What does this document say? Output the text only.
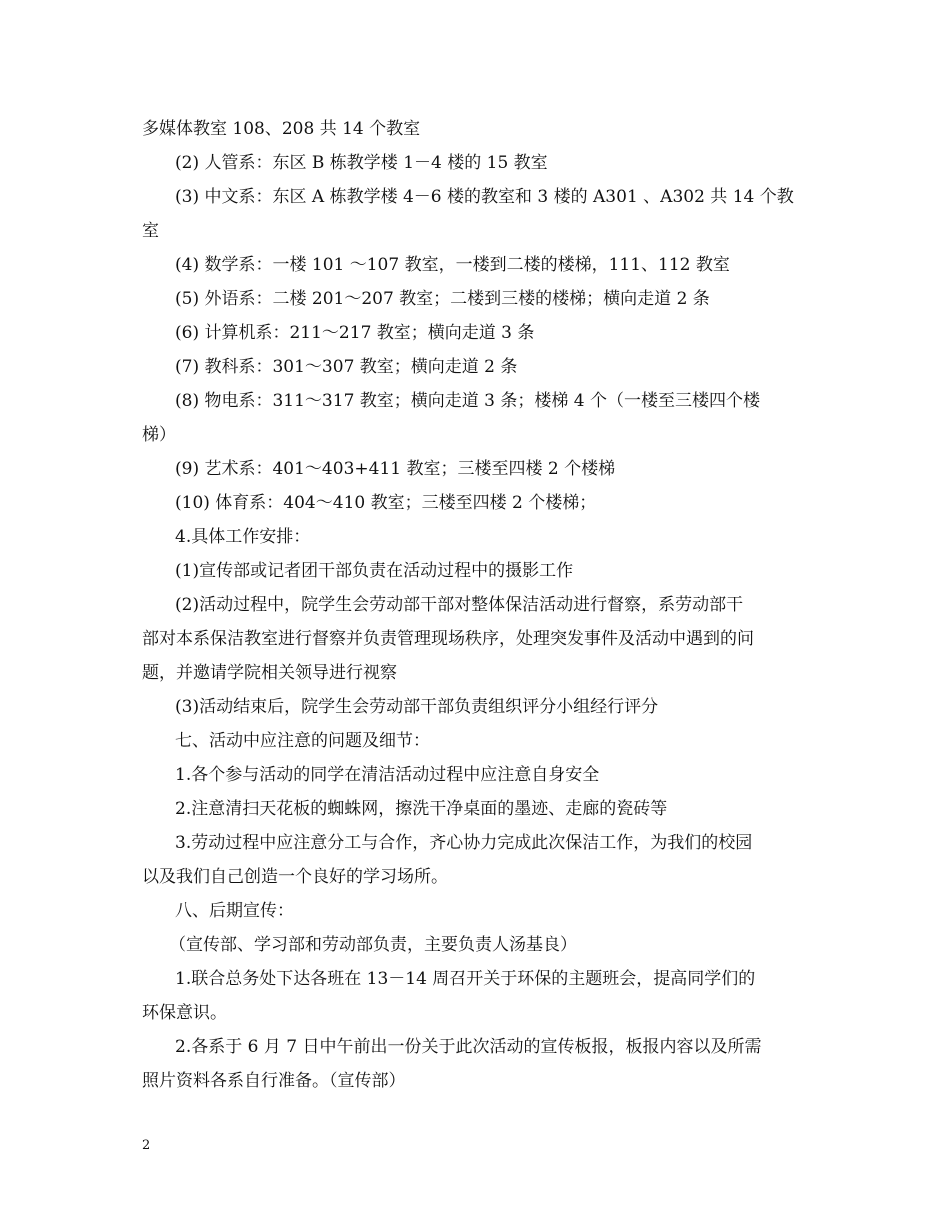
多媒体教室 108、208 共 14 个教室
(2) 人管系：东区 B 栋教学楼 1－4 楼的 15 教室
(3) 中文系：东区 A 栋教学楼 4－6 楼的教室和 3 楼的 A301 、A302 共 14 个教
室
(4) 数学系：一楼 101 ～107 教室，一楼到二楼的楼梯，111、112 教室
(5) 外语系：二楼 201～207 教室；二楼到三楼的楼梯；横向走道 2 条
(6) 计算机系：211～217 教室；横向走道 3 条
(7) 教科系：301～307 教室；横向走道 2 条
(8) 物电系：311～317 教室；横向走道 3 条；楼梯 4 个（一楼至三楼四个楼
梯）
(9) 艺术系：401～403+411 教室；三楼至四楼 2 个楼梯
(10) 体育系：404～410 教室；三楼至四楼 2 个楼梯；
4.具体工作安排：
(1)宣传部或记者团干部负责在活动过程中的摄影工作
(2)活动过程中，院学生会劳动部干部对整体保洁活动进行督察，系劳动部干
部对本系保洁教室进行督察并负责管理现场秩序，处理突发事件及活动中遇到的问
题，并邀请学院相关领导进行视察
(3)活动结束后，院学生会劳动部干部负责组织评分小组经行评分
七、活动中应注意的问题及细节：
1.各个参与活动的同学在清洁活动过程中应注意自身安全
2.注意清扫天花板的蜘蛛网，擦洗干净桌面的墨迹、走廊的瓷砖等
3.劳动过程中应注意分工与合作，齐心协力完成此次保洁工作，为我们的校园
以及我们自己创造一个良好的学习场所。
八、后期宣传：
（宣传部、学习部和劳动部负责，主要负责人汤基良）
1.联合总务处下达各班在 13－14 周召开关于环保的主题班会，提高同学们的
环保意识。
2.各系于 6 月 7 日中午前出一份关于此次活动的宣传板报，板报内容以及所需
照片资料各系自行准备。（宣传部）
2
